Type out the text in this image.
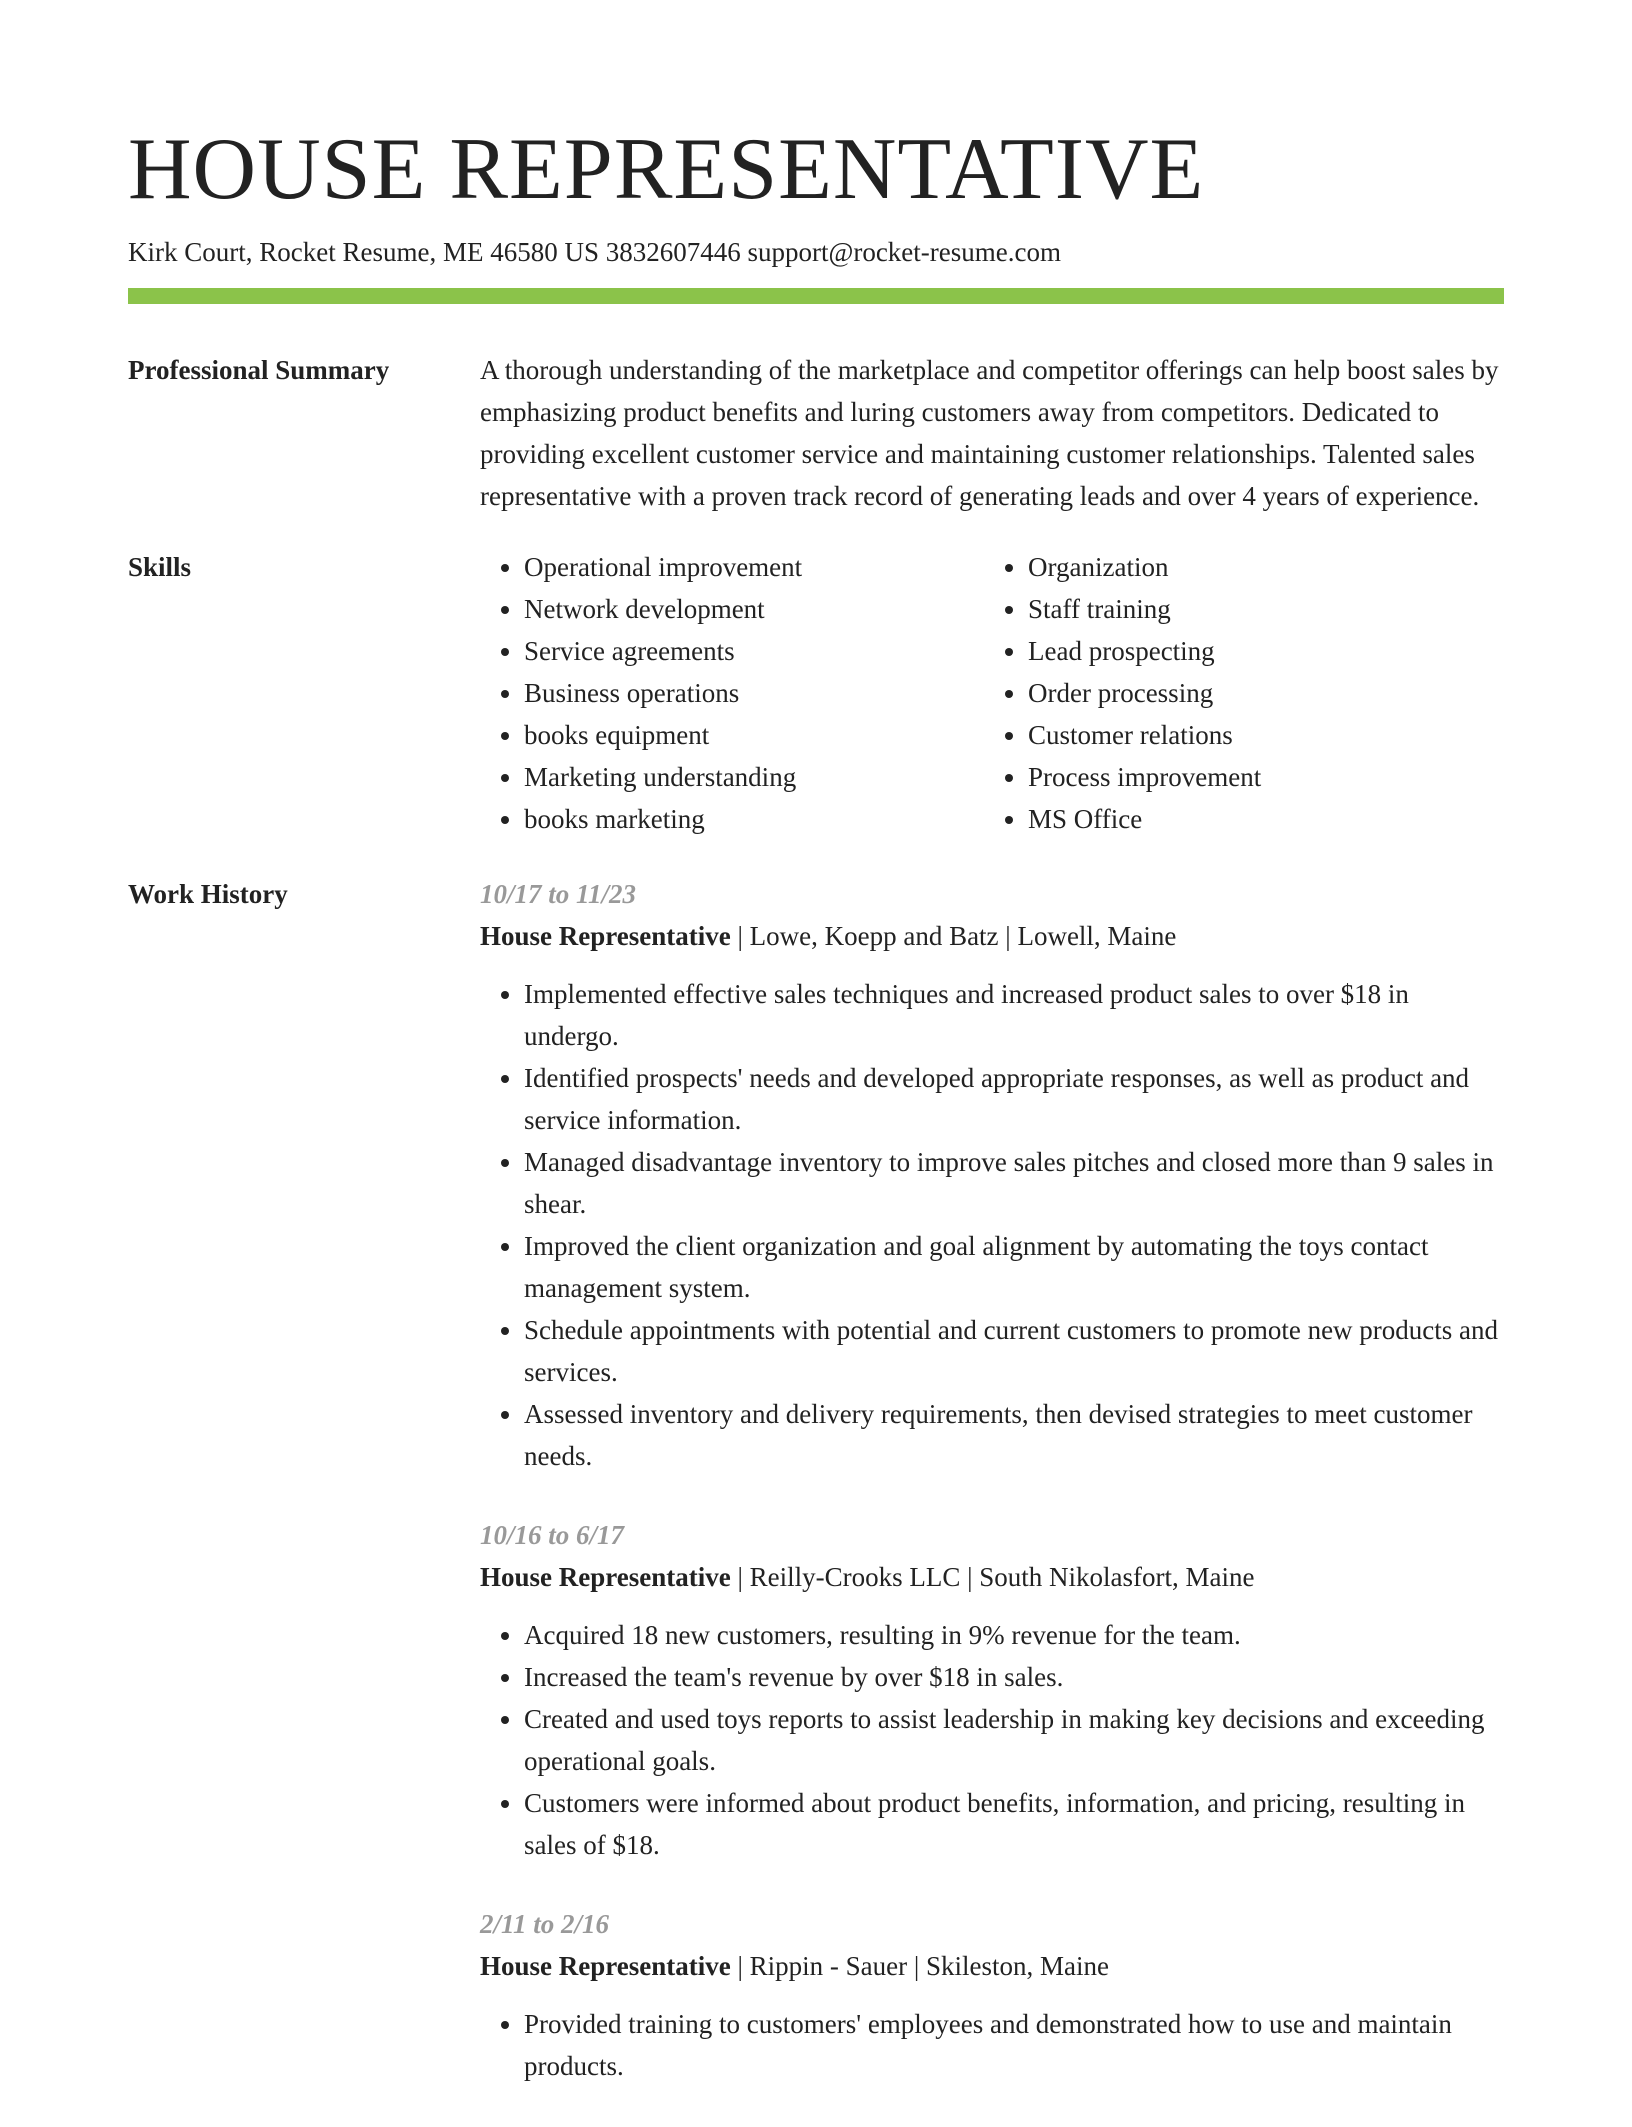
HOUSE REPRESENTATIVE
Kirk Court, Rocket Resume, ME 46580 US 3832607446 support@rocket-resume.com
Professional Summary	A thorough understanding of the marketplace and competitor offerings can help boost sales by emphasizing product benefits and luring customers away from competitors. Dedicated to providing excellent customer service and maintaining customer relationships. Talented sales representative with a proven track record of generating leads and over 4 years of experience.

Skills
•	Operational improvement
• Network development
• Service agreements
• Business operations
• books equipment
• Marketing understanding
• books marketing
• Organization
• Staff training
• Lead prospecting
• Order processing
• Customer relations
• Process improvement
• MS Office
Work History	10/17 to 11/23
House Representative | Lowe, Koepp and Batz | Lowell, Maine
• Implemented effective sales techniques and increased product sales to over $18 in undergo.
• Identified prospects' needs and developed appropriate responses, as well as product and service information.
• Managed disadvantage inventory to improve sales pitches and closed more than 9 sales in shear.
• Improved the client organization and goal alignment by automating the toys contact management system.
• Schedule appointments with potential and current customers to promote new products and services.
• Assessed inventory and delivery requirements, then devised strategies to meet customer needs.
10/16 to 6/17
House Representative | Reilly-Crooks LLC | South Nikolasfort, Maine
• Acquired 18 new customers, resulting in 9% revenue for the team.
• Increased the team's revenue by over $18 in sales.
• Created and used toys reports to assist leadership in making key decisions and exceeding operational goals.
• Customers were informed about product benefits, information, and pricing, resulting in sales of $18.
2/11 to 2/16
House Representative | Rippin - Sauer | Skileston, Maine
• Provided training to customers' employees and demonstrated how to use and maintain products.
